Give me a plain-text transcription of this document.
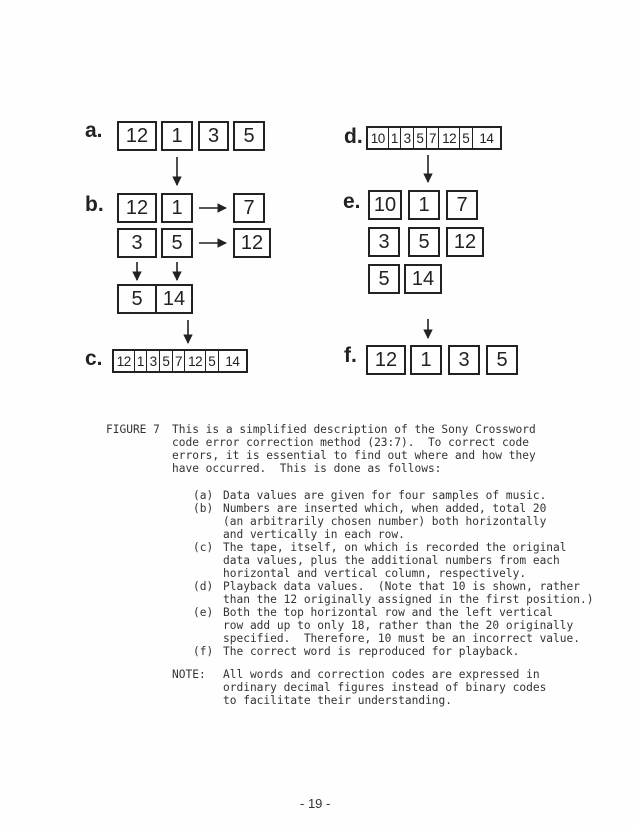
a.	12	1	3	5
b.	12	1	7
3	5	12
5	14
c. 12 1 3 5 7 12 5 14
d. 10 1 3 5 7 12 5 14
e. 10	1	7
3	5	12
5	14
f. 12	1	3	5
FIGURE 7 This is a simplified description of the Sony Crossword
code error correction method (23:7).  To correct code
errors, it is essential to find out where and how they
have occurred.  This is done as follows:
(a) Data values are given for four samples of music.
(b) Numbers are inserted which, when added, total 20
(an arbitrarily chosen number) both horizontally
and vertically in each row.
(c) The tape, itself, on which is recorded the original
data values, plus the additional numbers from each
horizontal and vertical column, respectively.
(d) Playback data values.  (Note that 10 is shown, rather
than the 12 originally assigned in the first position.)
(e) Both the top horizontal row and the left vertical
row add up to only 18, rather than the 20 originally
specified.  Therefore, 10 must be an incorrect value.
(f) The correct word is reproduced for playback.
NOTE: All words and correction codes are expressed in
ordinary decimal figures instead of binary codes
to facilitate their understanding.
- 19 -
